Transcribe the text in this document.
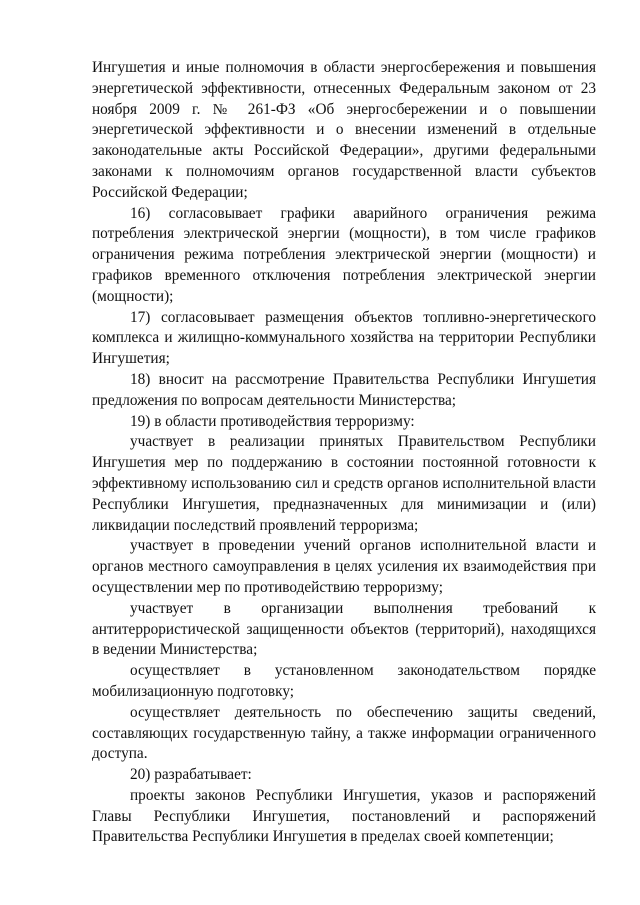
Ингушетия и иные полномочия в области энергосбережения и повышения энергетической эффективности, отнесенных Федеральным законом от 23 ноября 2009 г. № 261-ФЗ «Об энергосбережении и о повышении энергетической эффективности и о внесении изменений в отдельные законодательные акты Российской Федерации», другими федеральными законами к полномочиям органов государственной власти субъектов Российской Федерации;

16) согласовывает графики аварийного ограничения режима потребления электрической энергии (мощности), в том числе графиков ограничения режима потребления электрической энергии (мощности) и графиков временного отключения потребления электрической энергии (мощности);

17) согласовывает размещения объектов топливно-энергетического комплекса и жилищно-коммунального хозяйства на территории Республики Ингушетия;

18) вносит на рассмотрение Правительства Республики Ингушетия предложения по вопросам деятельности Министерства;

19) в области противодействия терроризму:

участвует в реализации принятых Правительством Республики Ингушетия мер по поддержанию в состоянии постоянной готовности к эффективному использованию сил и средств органов исполнительной власти Республики Ингушетия, предназначенных для минимизации и (или) ликвидации последствий проявлений терроризма;

участвует в проведении учений органов исполнительной власти и органов местного самоуправления в целях усиления их взаимодействия при осуществлении мер по противодействию терроризму;

участвует в организации выполнения требований к антитеррористической защищенности объектов (территорий), находящихся в ведении Министерства;

осуществляет в установленном законодательством порядке мобилизационную подготовку;

осуществляет деятельность по обеспечению защиты сведений, составляющих государственную тайну, а также информации ограниченного доступа.

20) разрабатывает:

проекты законов Республики Ингушетия, указов и распоряжений Главы Республики Ингушетия, постановлений и распоряжений Правительства Республики Ингушетия в пределах своей компетенции;
